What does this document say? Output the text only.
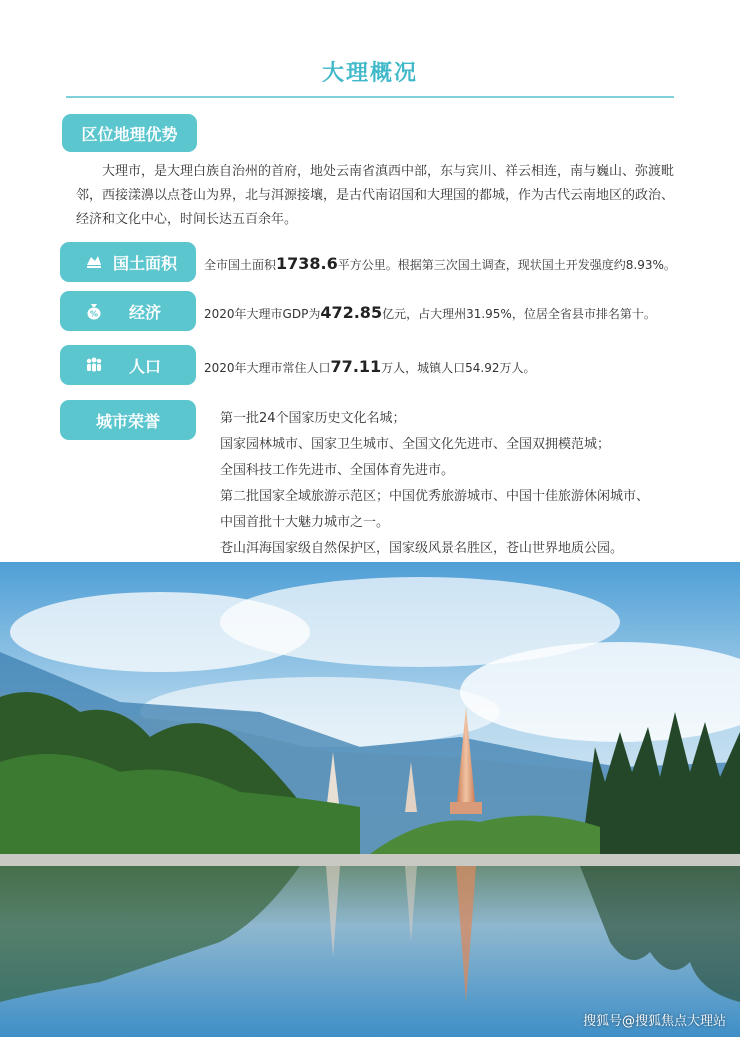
大理概况
区位地理优势
大理市，是大理白族自治州的首府，地处云南省滇西中部，东与宾川、祥云相连，南与巍山、弥渡毗邻，西接漾濞以点苍山为界，北与洱源接壤，是古代南诏国和大理国的都城，作为古代云南地区的政治、经济和文化中心，时间长达五百余年。
国土面积	全市国土面积1738.6平方公里。根据第三次国土调查，现状国土开发强度约8.93%。
%	经济	2020年大理市GDP为472.85亿元，占大理州31.95%，位居全省县市排名第十。
人口	2020年大理市常住人口77.11万人，城镇人口54.92万人。
城市荣誉	第一批24个国家历史文化名城；
国家园林城市、国家卫生城市、全国文化先进市、全国双拥模范城；
全国科技工作先进市、全国体育先进市。
第二批国家全域旅游示范区；中国优秀旅游城市、中国十佳旅游休闲城市、
中国首批十大魅力城市之一。
苍山洱海国家级自然保护区，国家级风景名胜区，苍山世界地质公园。
搜狐号@搜狐焦点大理站
